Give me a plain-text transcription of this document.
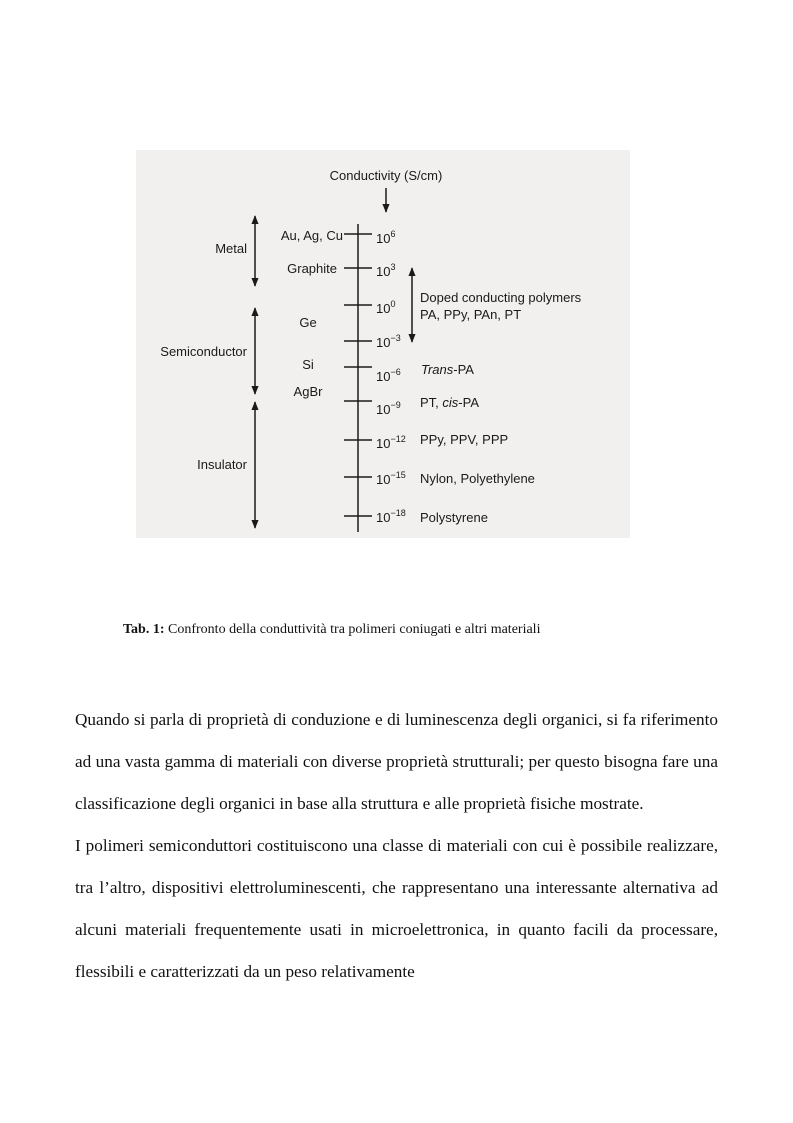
Conductivity (S/cm)
$10^6$
$10^3$
$10^0$
$10^{-3}$
$10^{-6}$
$10^{-9}$
$10^{-12}$
$10^{-15}$
$10^{-18}$
Au, Ag, Cu
Graphite
Ge
Si
AgBr
Metal
Semiconductor
Insulator
Doped conducting polymers
PA, PPy, PAn, PT
Trans-PA
PT, cis-PA
PPy, PPV, PPP
Nylon, Polyethylene
Polystyrene
Tab. 1: Confronto della conduttività tra polimeri coniugati e altri materiali

Quando si parla di proprietà di conduzione e di luminescenza degli organici, si fa riferimento ad una vasta gamma di materiali con diverse proprietà strutturali; per questo bisogna fare una classificazione degli organici in base alla struttura e alle proprietà fisiche mostrate.

I polimeri semiconduttori costituiscono una classe di materiali con cui è possibile realizzare, tra l’altro, dispositivi elettroluminescenti, che rappresentano una interessante alternativa ad alcuni materiali frequentemente usati in microelettronica, in quanto facili da processare, flessibili e caratterizzati da un peso relativamente
